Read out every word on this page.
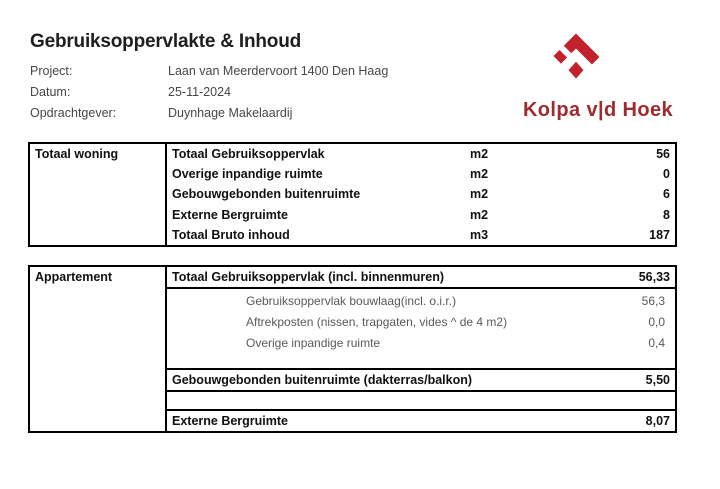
Gebruiksoppervlakte & Inhoud
Project:	Laan van Meerdervoort 1400 Den Haag
Datum:	25-11-2024
Opdrachtgever:	Duynhage Makelaardij	Kolpa v|d Hoek
Totaal woning	Totaal Gebruiksoppervlak	m2	56
Overige inpandige ruimte	m2	0
Gebouwgebonden buitenruimte	m2	6
Externe Bergruimte	m2	8
Totaal Bruto inhoud	m3	187
Appartement	Totaal Gebruiksoppervlak (incl. binnenmuren)	56,33
Gebruiksoppervlak bouwlaag(incl. o.i.r.)	56,3
Aftrekposten (nissen, trapgaten, vides ^ de 4 m2)	0,0
Overige inpandige ruimte	0,4
Gebouwgebonden buitenruimte (dakterras/balkon)	5,50
Externe Bergruimte	8,07
